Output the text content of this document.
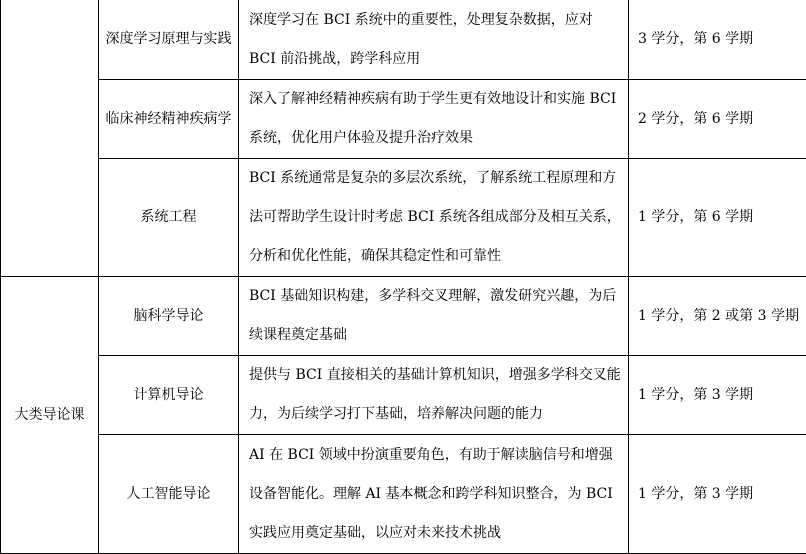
	深度学习原理与实践	深度学习在 BCI 系统中的重要性，处理复杂数据，应对 BCI 前沿挑战，跨学科应用	3 学分，第 6 学期
	临床神经精神疾病学	深入了解神经精神疾病有助于学生更有效地设计和实施 BCI 系统，优化用户体验及提升治疗效果	2 学分，第 6 学期
	系统工程	BCI 系统通常是复杂的多层次系统，了解系统工程原理和方法可帮助学生设计时考虑 BCI 系统各组成部分及相互关系，分析和优化性能，确保其稳定性和可靠性	1 学分，第 6 学期
大类导论课	脑科学导论	BCI 基础知识构建，多学科交叉理解，激发研究兴趣，为后续课程奠定基础	1 学分，第 2 或第 3 学期
	计算机导论	提供与 BCI 直接相关的基础计算机知识，增强多学科交叉能力，为后续学习打下基础，培养解决问题的能力	1 学分，第 3 学期
	人工智能导论	AI 在 BCI 领域中扮演重要角色，有助于解读脑信号和增强设备智能化。理解 AI 基本概念和跨学科知识整合，为 BCI 实践应用奠定基础，以应对未来技术挑战	1 学分，第 3 学期
